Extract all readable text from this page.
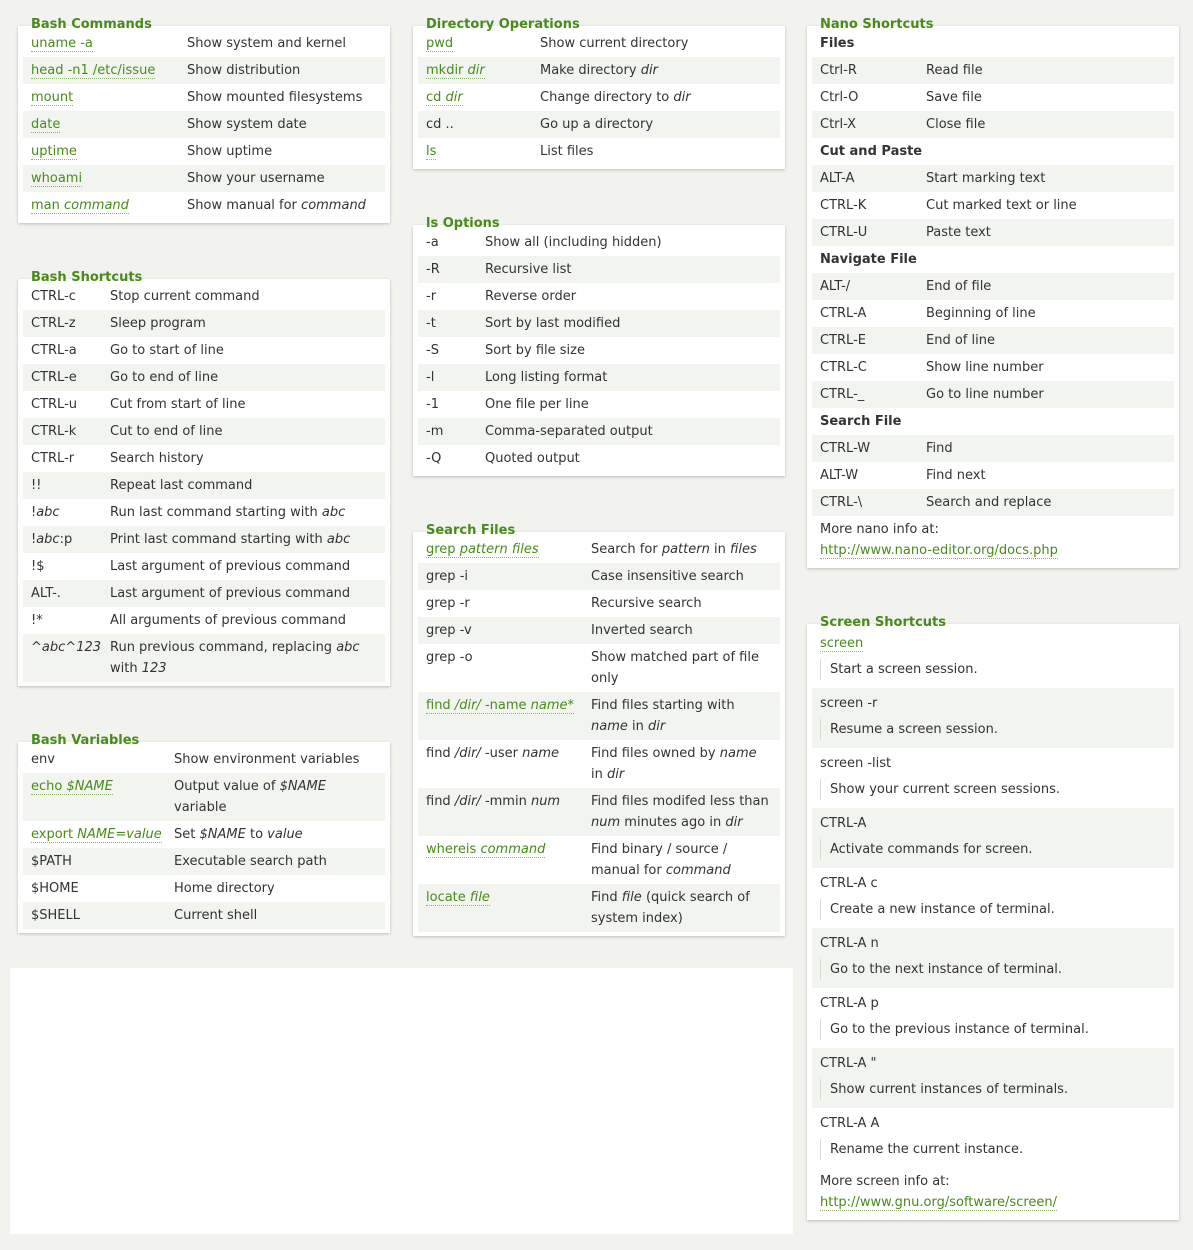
Bash Commands
uname -a	Show system and kernel
head -n1 /etc/issue	Show distribution
mount	Show mounted filesystems
date	Show system date
uptime	Show uptime
whoami	Show your username
man command	Show manual for command
Bash Shortcuts
CTRL-c	Stop current command
CTRL-z	Sleep program
CTRL-a	Go to start of line
CTRL-e	Go to end of line
CTRL-u	Cut from start of line
CTRL-k	Cut to end of line
CTRL-r	Search history
!!	Repeat last command
!abc	Run last command starting with abc
!abc:p	Print last command starting with abc
!$	Last argument of previous command
ALT-.	Last argument of previous command
!*	All arguments of previous command
^abc^123 Run previous command, replacing abc with 123
Bash Variables
env	Show environment variables
echo $NAME	Output value of $NAME variable
export NAME=value Set $NAME to value
$PATH	Executable search path
$HOME	Home directory
$SHELL	Current shell
Directory Operations
pwd	Show current directory
mkdir dir	Make directory dir
cd dir	Change directory to dir
cd ..	Go up a directory
ls	List files
ls Options
-a	Show all (including hidden)
-R	Recursive list
-r	Reverse order
-t	Sort by last modified
-S	Sort by file size
-l	Long listing format
-1	One file per line
-m	Comma-separated output
-Q	Quoted output
Search Files
grep pattern files	Search for pattern in files
grep -i	Case insensitive search
grep -r	Recursive search
grep -v	Inverted search
grep -o	Show matched part of file only
find /dir/ -name name*	Find files starting with name in dir
find /dir/ -user name	Find files owned by name in dir
find /dir/ -mmin num	Find files modifed less than num minutes ago in dir
whereis command	Find binary / source / manual for command
locate file	Find file (quick search of system index)
Nano Shortcuts
Files
Ctrl-R	Read file
Ctrl-O	Save file
Ctrl-X	Close file
Cut and Paste
ALT-A	Start marking text
CTRL-K	Cut marked text or line
CTRL-U	Paste text
Navigate File
ALT-/	End of file
CTRL-A	Beginning of line
CTRL-E	End of line
CTRL-C	Show line number
CTRL-_	Go to line number
Search File
CTRL-W	Find
ALT-W	Find next
CTRL-\	Search and replace
More nano info at:
http://www.nano-editor.org/docs.php
Screen Shortcuts
screen
Start a screen session.
screen -r
Resume a screen session.
screen -list
Show your current screen sessions.
CTRL-A
Activate commands for screen.
CTRL-A c
Create a new instance of terminal.
CTRL-A n
Go to the next instance of terminal.
CTRL-A p
Go to the previous instance of terminal.
CTRL-A "
Show current instances of terminals.
CTRL-A A
Rename the current instance.
More screen info at:
http://www.gnu.org/software/screen/
